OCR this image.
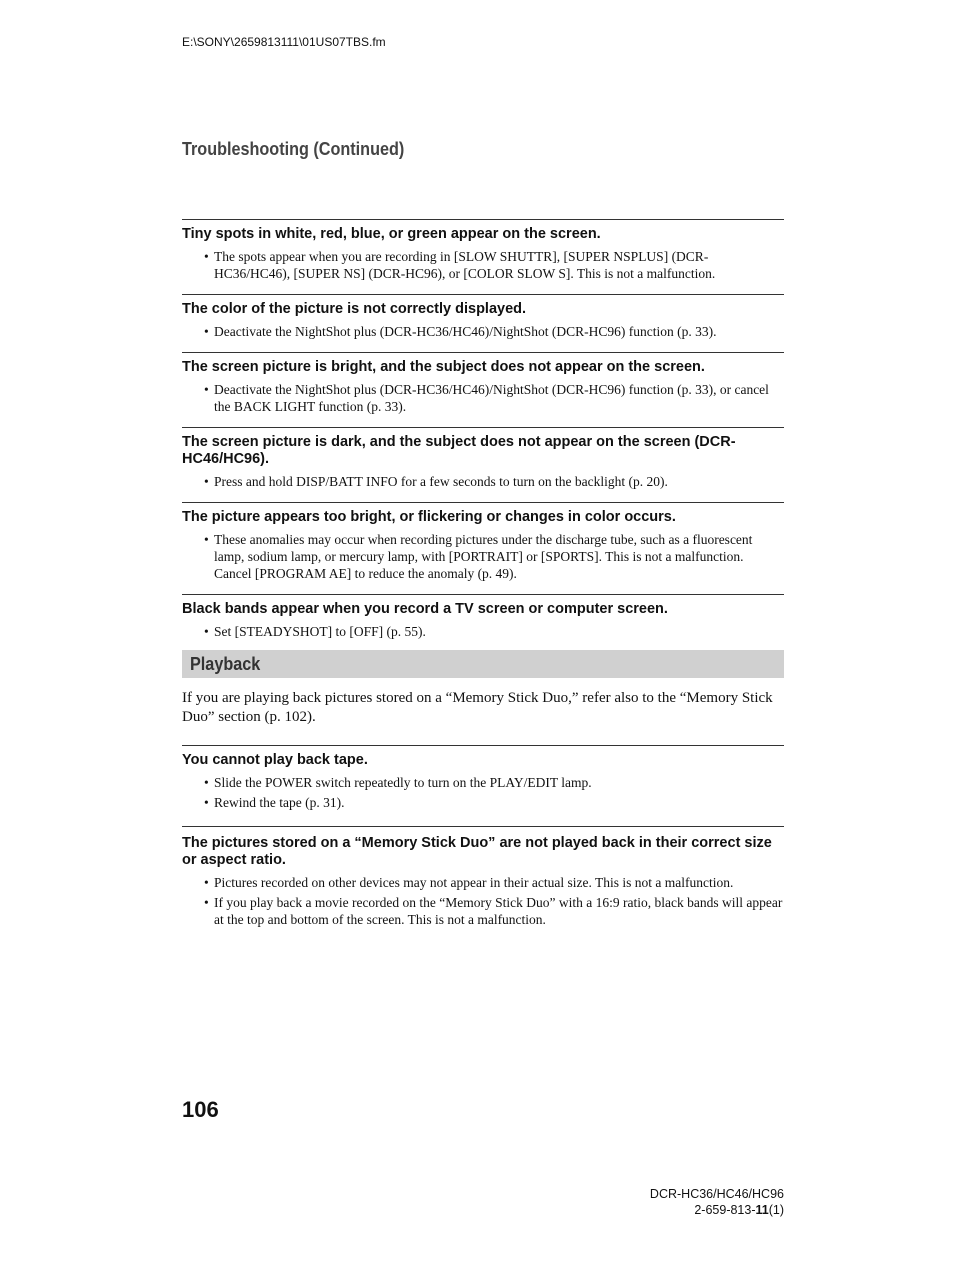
E:\SONY\2659813111\01US07TBS.fm
Troubleshooting (Continued)
Tiny spots in white, red, blue, or green appear on the screen.
• The spots appear when you are recording in [SLOW SHUTTR], [SUPER NSPLUS] (DCR-HC36/HC46), [SUPER NS] (DCR-HC96), or [COLOR SLOW S]. This is not a malfunction.
The color of the picture is not correctly displayed.
• Deactivate the NightShot plus (DCR-HC36/HC46)/NightShot (DCR-HC96) function (p. 33).
The screen picture is bright, and the subject does not appear on the screen.
• Deactivate the NightShot plus (DCR-HC36/HC46)/NightShot (DCR-HC96) function (p. 33), or cancel the BACK LIGHT function (p. 33).
The screen picture is dark, and the subject does not appear on the screen (DCR-HC46/HC96).
• Press and hold DISP/BATT INFO for a few seconds to turn on the backlight (p. 20).
The picture appears too bright, or flickering or changes in color occurs.
• These anomalies may occur when recording pictures under the discharge tube, such as a fluorescent lamp, sodium lamp, or mercury lamp, with [PORTRAIT] or [SPORTS]. This is not a malfunction. Cancel [PROGRAM AE] to reduce the anomaly (p. 49).
Black bands appear when you record a TV screen or computer screen.
• Set [STEADYSHOT] to [OFF] (p. 55).
Playback

If you are playing back pictures stored on a “Memory Stick Duo,” refer also to the “Memory Stick Duo” section (p. 102).

You cannot play back tape.
• Slide the POWER switch repeatedly to turn on the PLAY/EDIT lamp.
• Rewind the tape (p. 31).
The pictures stored on a “Memory Stick Duo” are not played back in their correct size or aspect ratio.
• Pictures recorded on other devices may not appear in their actual size. This is not a malfunction.
• If you play back a movie recorded on the “Memory Stick Duo” with a 16:9 ratio, black bands will appear at the top and bottom of the screen. This is not a malfunction.
106
DCR-HC36/HC46/HC96
2-659-813-11(1)
